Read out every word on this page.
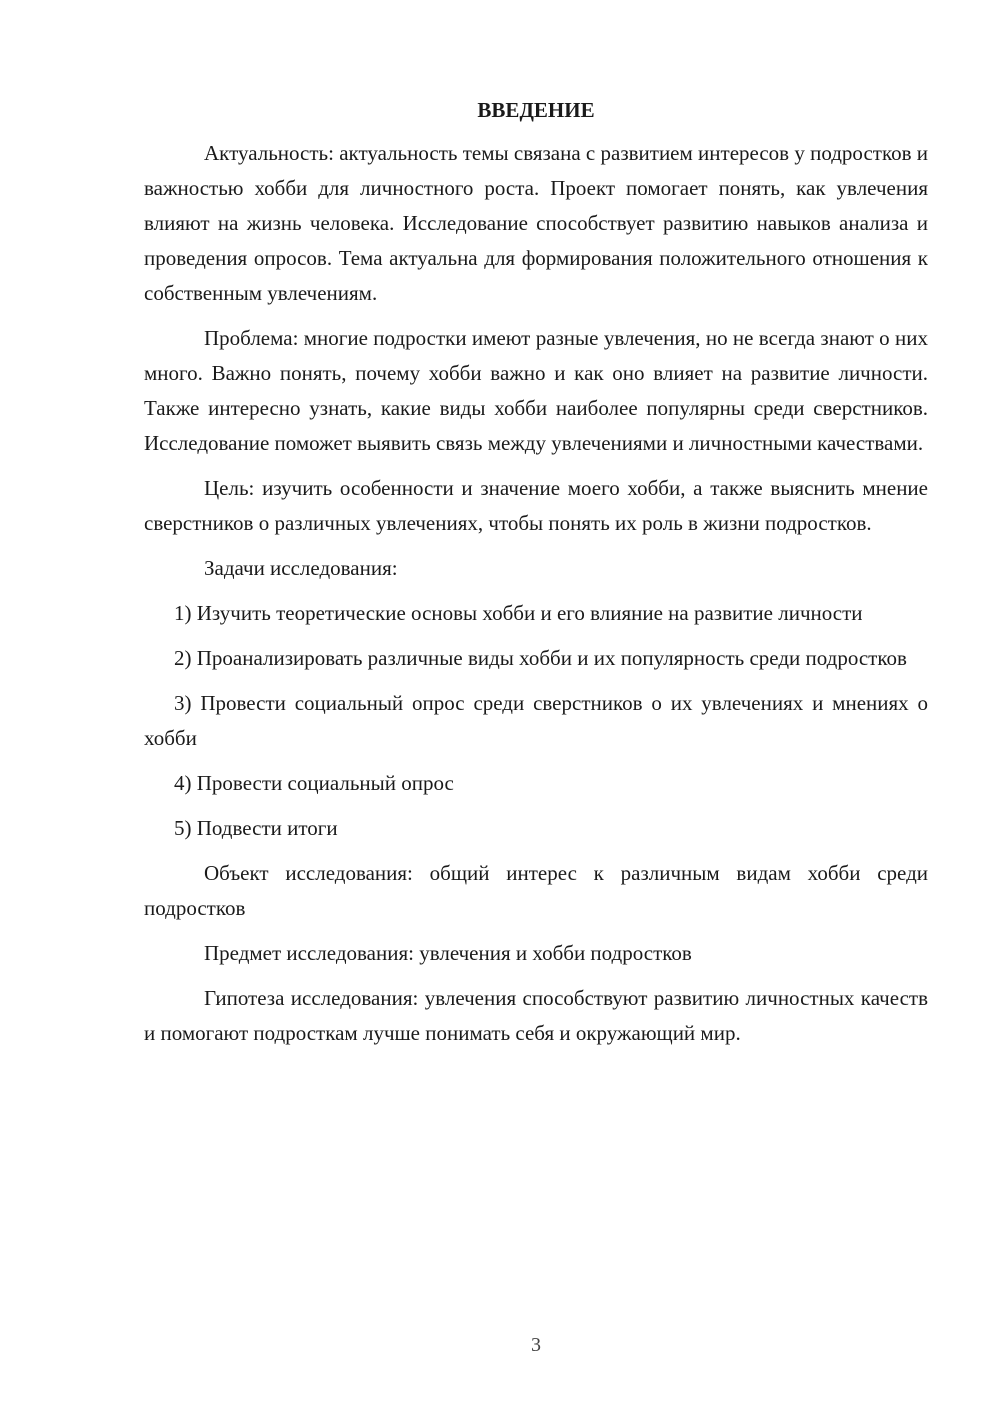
ВВЕДЕНИЕ

Актуальность: актуальность темы связана с развитием интересов у подростков и важностью хобби для личностного роста. Проект помогает понять, как увлечения влияют на жизнь человека. Исследование способствует развитию навыков анализа и проведения опросов. Тема актуальна для формирования положительного отношения к собственным увлечениям.

Проблема: многие подростки имеют разные увлечения, но не всегда знают о них много. Важно понять, почему хобби важно и как оно влияет на развитие личности. Также интересно узнать, какие виды хобби наиболее популярны среди сверстников. Исследование поможет выявить связь между увлечениями и личностными качествами.

Цель: изучить особенности и значение моего хобби, а также выяснить мнение сверстников о различных увлечениях, чтобы понять их роль в жизни подростков.

Задачи исследования:

1) Изучить теоретические основы хобби и его влияние на развитие личности

2) Проанализировать различные виды хобби и их популярность среди подростков

3) Провести социальный опрос среди сверстников о их увлечениях и мнениях о хобби

4) Провести социальный опрос

5) Подвести итоги

Объект исследования: общий интерес к различным видам хобби среди подростков

Предмет исследования: увлечения и хобби подростков

Гипотеза исследования: увлечения способствуют развитию личностных качеств и помогают подросткам лучше понимать себя и окружающий мир.

3
